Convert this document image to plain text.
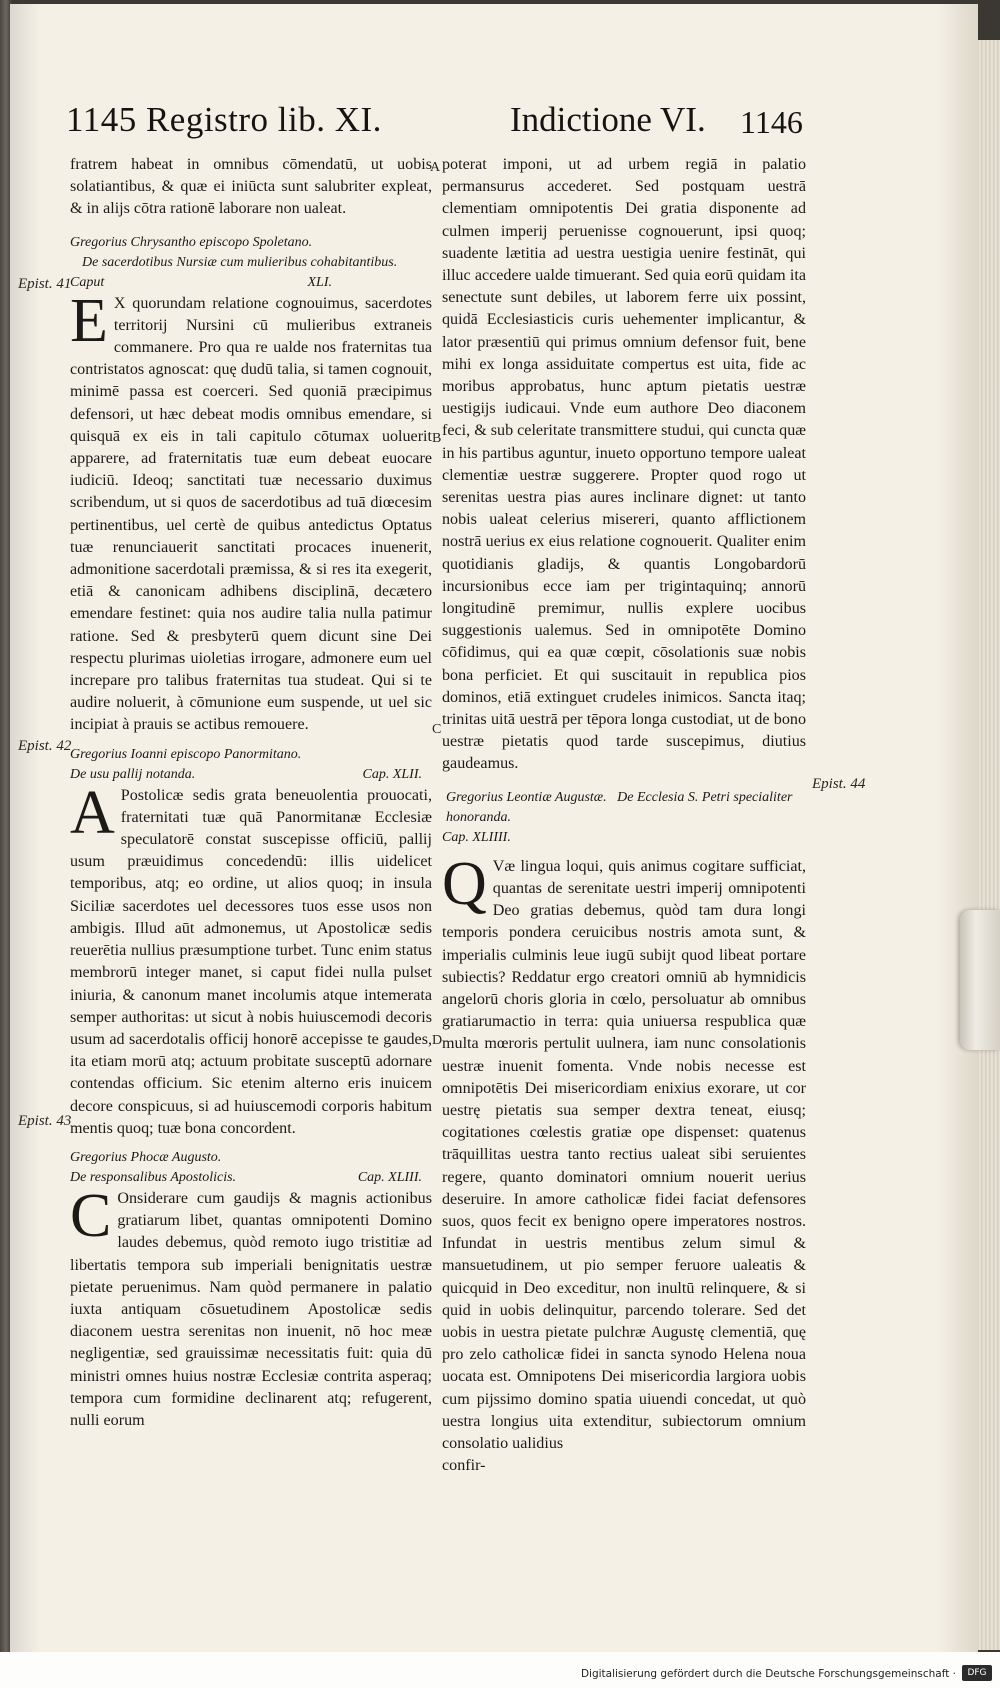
1145 Registro lib. XI.	Indictione VI. 1146
Epist. 41
Epist. 42
Epist. 43
Epist. 44
A
B
C
D

fratrem habeat in omnibus cōmendatū, ut uobis solatiantibus, & quæ ei iniūcta sunt salubriter expleat, & in alijs cōtra rationē laborare non ualeat.

Gregorius Chrysantho episcopo Spoletano.

De sacerdotibus Nursiæ cum mulieribus cohabitantibus.

Caput	XLI.

E X quorundam relatione cognouimus, sacerdotes territorij Nursini cū mulieribus extraneis commanere. Pro qua re ualde nos fraternitas tua contristatos agnoscat: quę dudū talia, si tamen cognouit, minimē passa est coerceri. Sed quoniā præcipimus defensori, ut hæc debeat modis omnibus emendare, si quisquā ex eis in tali capitulo cōtumax uoluerit apparere, ad fraternitatis tuæ eum debeat euocare iudiciū. Ideoq; sanctitati tuæ necessario duximus scribendum, ut si quos de sacerdotibus ad tuā diœcesim pertinentibus, uel certè de quibus antedictus Optatus tuæ renunciauerit sanctitati procaces inuenerit, admonitione sacerdotali præmissa, & si res ita exegerit, etiā & canonicam adhibens disciplinā, decætero emendare festinet: quia nos audire talia nulla patimur ratione. Sed & presbyterū quem dicunt sine Dei respectu plurimas uioletias irrogare, admonere eum uel increpare pro talibus fraternitas tua studeat. Qui si te audire noluerit, à cōmunione eum suspende, ut uel sic incipiat à prauis se actibus remouere.

Gregorius Ioanni episcopo Panormitano.

De usu pallij notanda.	Cap. XLII.

A Postolicæ sedis grata beneuolentia prouocati, fraternitati tuæ quā Panormitanæ Ecclesiæ speculatorē constat suscepisse officiū, pallij usum præuidimus concedendū: illis uidelicet temporibus, atq; eo ordine, ut alios quoq; in insula Siciliæ sacerdotes uel decessores tuos esse usos non ambigis. Illud aūt admonemus, ut Apostolicæ sedis reuerētia nullius præsumptione turbet. Tunc enim status membrorū integer manet, si caput fidei nulla pulset iniuria, & canonum manet incolumis atque intemerata semper authoritas: ut sicut à nobis huiuscemodi decoris usum ad sacerdotalis officij honorē accepisse te gaudes, ita etiam morū atq; actuum probitate susceptū adornare contendas officium. Sic etenim alterno eris inuicem decore conspicuus, si ad huiuscemodi corporis habitum mentis quoq; tuæ bona concordent.

Gregorius Phocæ Augusto.

De responsalibus Apostolicis.	Cap. XLIII.

C Onsiderare cum gaudijs & magnis actionibus gratiarum libet, quantas omnipotenti Domino laudes debemus, quòd remoto iugo tristitiæ ad libertatis tempora sub imperiali benignitatis uestræ pietate peruenimus. Nam quòd permanere in palatio iuxta antiquam cōsuetudinem Apostolicæ sedis diaconem uestra serenitas non inuenit, nō hoc meæ negligentiæ, sed grauissimæ necessitatis fuit: quia dū ministri omnes huius nostræ Ecclesiæ contrita asperaq; tempora cum formidine declinarent atq; refugerent, nulli eorum

poterat imponi, ut ad urbem regiā in palatio permansurus accederet. Sed postquam uestrā clementiam omnipotentis Dei gratia disponente ad culmen imperij peruenisse cognouerunt, ipsi quoq; suadente lætitia ad uestra uestigia uenire festināt, qui illuc accedere ualde timuerant. Sed quia eorū quidam ita senectute sunt debiles, ut laborem ferre uix possint, quidā Ecclesiasticis curis uehementer implicantur, & lator præsentiū qui primus omnium defensor fuit, bene mihi ex longa assiduitate compertus est uita, fide ac moribus approbatus, hunc aptum pietatis uestræ uestigijs iudicaui. Vnde eum authore Deo diaconem feci, & sub celeritate transmittere studui, qui cuncta quæ in his partibus aguntur, inueto opportuno tempore ualeat clementiæ uestræ suggerere. Propter quod rogo ut serenitas uestra pias aures inclinare dignet: ut tanto nobis ualeat celerius misereri, quanto afflictionem nostrā uerius ex eius relatione cognouerit. Qualiter enim quotidianis gladijs, & quantis Longobardorū incursionibus ecce iam per trigintaquinq; annorū longitudinē premimur, nullis explere uocibus suggestionis ualemus. Sed in omnipotēte Domino cōfidimus, qui ea quæ cœpit, cōsolationis suæ nobis bona perficiet. Et qui suscitauit in republica pios dominos, etiā extinguet crudeles inimicos. Sancta itaq; trinitas uitā uestrā per tēpora longa custodiat, ut de bono uestræ pietatis quod tarde suscepimus, diutius gaudeamus.

Gregorius Leontiæ Augustæ. De Ecclesia S. Petri specialiter honoranda.

Cap. XLIIII.

Q Væ lingua loqui, quis animus cogitare sufficiat, quantas de serenitate uestri imperij omnipotenti Deo gratias debemus, quòd tam dura longi temporis pondera ceruicibus nostris amota sunt, & imperialis culminis leue iugū subijt quod libeat portare subiectis? Reddatur ergo creatori omniū ab hymnidicis angelorū choris gloria in cœlo, persoluatur ab omnibus gratiarumactio in terra: quia uniuersa respublica quæ multa mœroris pertulit uulnera, iam nunc consolationis uestræ inuenit fomenta. Vnde nobis necesse est omnipotētis Dei misericordiam enixius exorare, ut cor uestrę pietatis sua semper dextra teneat, eiusq; cogitationes cœlestis gratiæ ope dispenset: quatenus trāquillitas uestra tanto rectius ualeat sibi seruientes regere, quanto dominatori omnium nouerit uerius deseruire. In amore catholicæ fidei faciat defensores suos, quos fecit ex benigno opere imperatores nostros. Infundat in uestris mentibus zelum simul & mansuetudinem, ut pio semper feruore ualeatis & quicquid in Deo exceditur, non inultū relinquere, & si quid in uobis delinquitur, parcendo tolerare. Sed det uobis in uestra pietate pulchræ Augustę clementiā, quę pro zelo catholicæ fidei in sancta synodo Helena noua uocata est. Omnipotens Dei misericordia largiora uobis cum pijssimo domino spatia uiuendi concedat, ut quò uestra longius uita extenditur, subiectorum omnium consolatio ualidius

confir-

Digitalisierung gefördert durch die Deutsche Forschungsgemeinschaft ·	DFG
